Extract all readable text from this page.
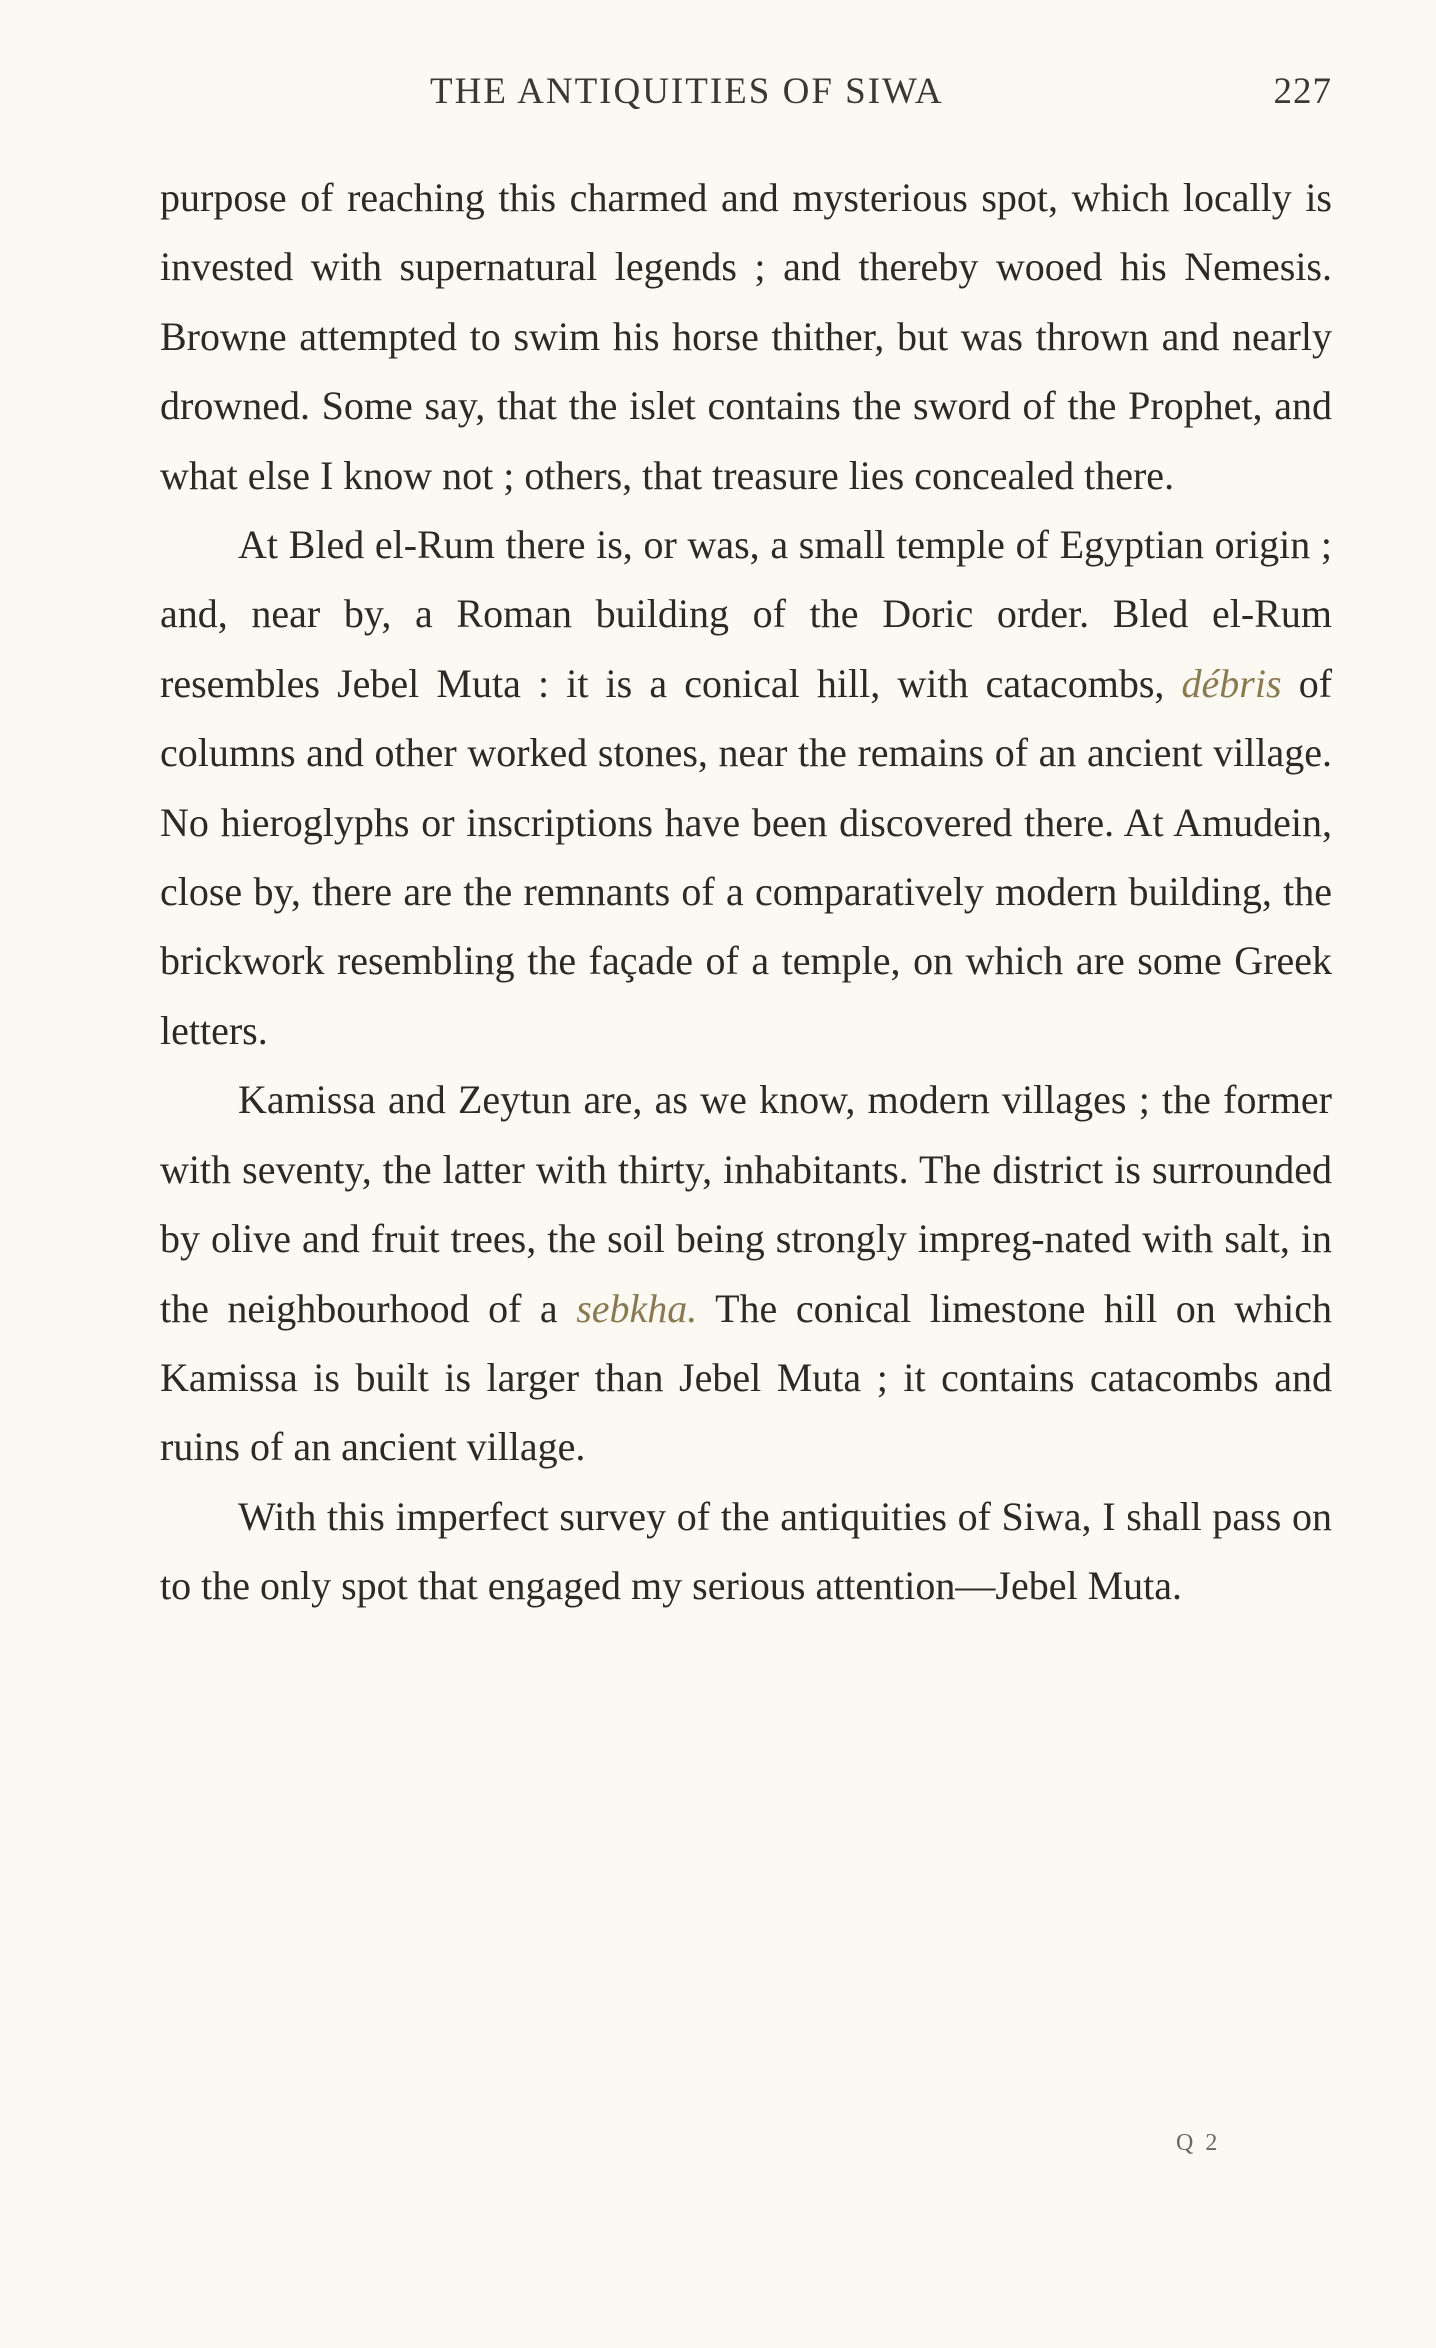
THE ANTIQUITIES OF SIWA	227

purpose of reaching this charmed and mysterious spot, which locally is invested with supernatural legends ; and thereby wooed his Nemesis. Browne attempted to swim his horse thither, but was thrown and nearly drowned. Some say, that the islet contains the sword of the Prophet, and what else I know not ; others, that treasure lies concealed there.

At Bled el-Rum there is, or was, a small temple of Egyptian origin ; and, near by, a Roman building of the Doric order. Bled el-Rum resembles Jebel Muta : it is a conical hill, with catacombs, débris of columns and other worked stones, near the remains of an ancient village. No hieroglyphs or inscriptions have been discovered there. At Amudein, close by, there are the remnants of a comparatively modern building, the brickwork resembling the façade of a temple, on which are some Greek letters.

Kamissa and Zeytun are, as we know, modern villages ; the former with seventy, the latter with thirty, inhabitants. The district is surrounded by olive and fruit trees, the soil being strongly impreg-nated with salt, in the neighbourhood of a sebkha. The conical limestone hill on which Kamissa is built is larger than Jebel Muta ; it contains catacombs and ruins of an ancient village.

With this imperfect survey of the antiquities of Siwa, I shall pass on to the only spot that engaged my serious attention—Jebel Muta.

Q 2
